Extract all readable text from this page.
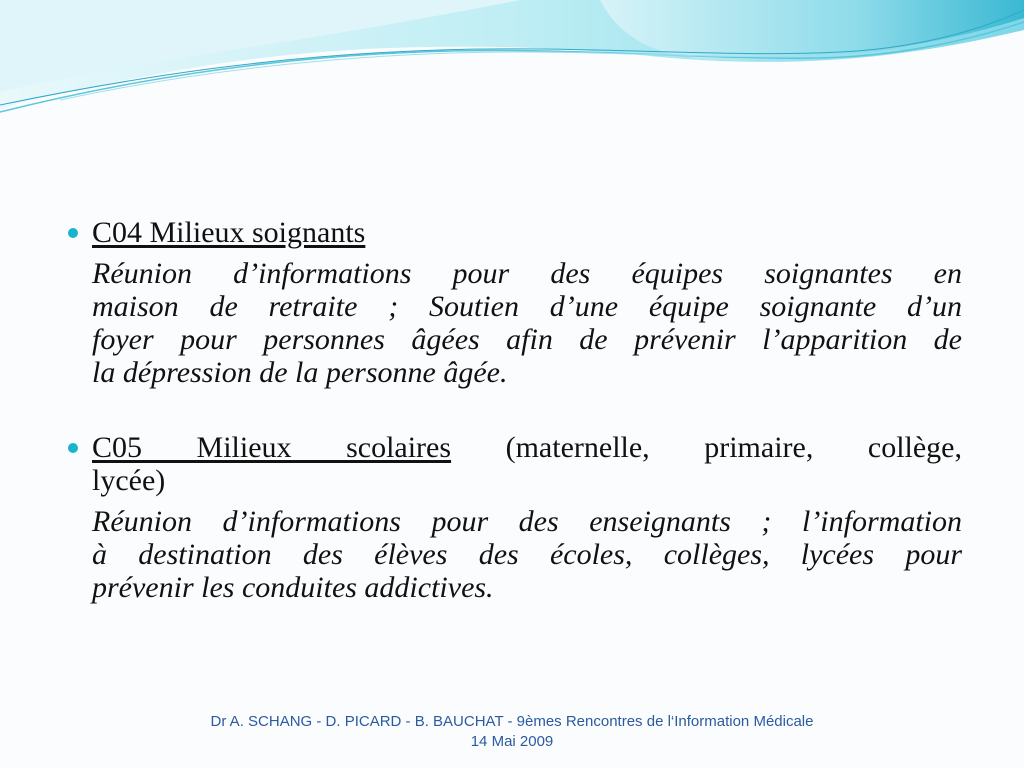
C04 Milieux soignants
Réunion d’informations pour des équipes soignantes en
maison de retraite ; Soutien d’une équipe soignante d’un
foyer pour personnes âgées afin de prévenir l’apparition de
la dépression de la personne âgée.
C05 Milieux scolaires (maternelle, primaire, collège,
lycée)
Réunion d’informations pour des enseignants ; l’information
à destination des élèves des écoles, collèges, lycées pour
prévenir les conduites addictives.
Dr A. SCHANG - D. PICARD - B. BAUCHAT - 9èmes Rencontres de l‘Information Médicale
14 Mai 2009
